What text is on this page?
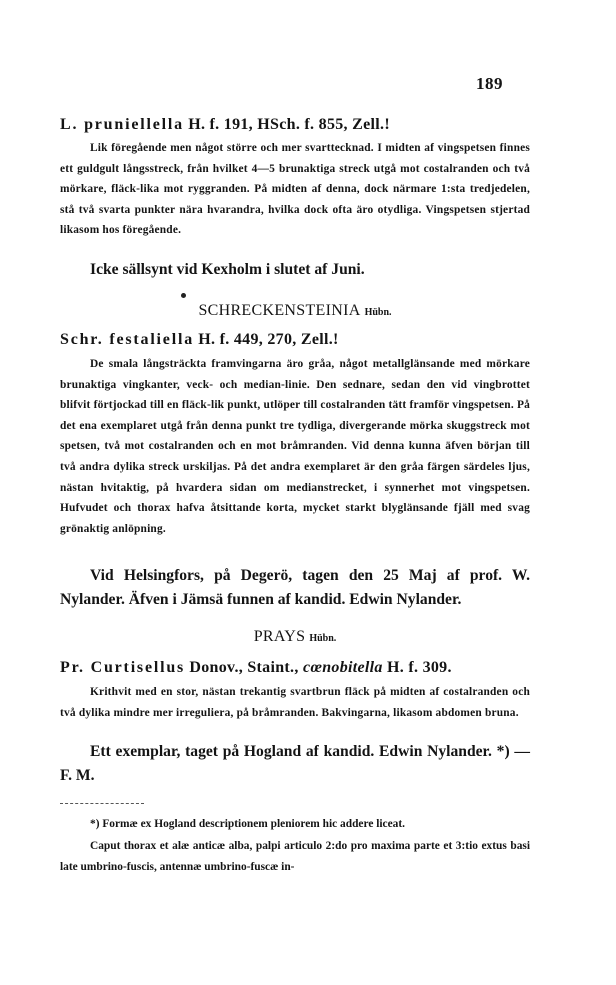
189
L. pruniellella H. f. 191, HSch. f. 855, Zell.!
Lik föregående men något större och mer svarttecknad. I midten af vingspetsen finnes ett guldgult långsstreck, från hvilket 4—5 brunaktiga streck utgå mot costalranden och två mörkare, fläck-lika mot ryggranden. På midten af denna, dock närmare 1:sta tredjedelen, stå två svarta punkter nära hvarandra, hvilka dock ofta äro otydliga. Vingspetsen stjertad likasom hos föregående.
Icke sällsynt vid Kexholm i slutet af Juni.
SCHRECKENSTEINIA Hübn.
Schr. festaliella H. f. 449, 270, Zell.!
De smala långsträckta framvingarna äro gråa, något metallglänsande med mörkare brunaktiga vingkanter, veck- och median-linie. Den sednare, sedan den vid vingbrottet blifvit förtjockad till en fläck-lik punkt, utlöper till costalranden tätt framför vingspetsen. På det ena exemplaret utgå från denna punkt tre tydliga, divergerande mörka skuggstreck mot spetsen, två mot costalranden och en mot bråmranden. Vid denna kunna äfven början till två andra dylika streck urskiljas. På det andra exemplaret är den gråa färgen särdeles ljus, nästan hvitaktig, på hvardera sidan om medianstrecket, i synnerhet mot vingspetsen. Hufvudet och thorax hafva åtsittande korta, mycket starkt blyglänsande fjäll med svag grönaktig anlöpning.
Vid Helsingfors, på Degerö, tagen den 25 Maj af prof. W. Nylander. Äfven i Jämsä funnen af kandid. Edwin Nylander.
PRAYS Hübn.
Pr. Curtisellus Donov., Staint., cœnobitella H. f. 309.
Krithvit med en stor, nästan trekantig svartbrun fläck på midten af costalranden och två dylika mindre mer irreguliera, på bråmranden. Bakvingarna, likasom abdomen bruna.
Ett exemplar, taget på Hogland af kandid. Edwin Nylander. *) — F. M.
*) Formæ ex Hogland descriptionem pleniorem hic addere liceat.
Caput thorax et alæ anticæ alba, palpi articulo 2:do pro maxima parte et 3:tio extus basi late umbrino-fuscis, antennæ umbrino-fuscæ in-
